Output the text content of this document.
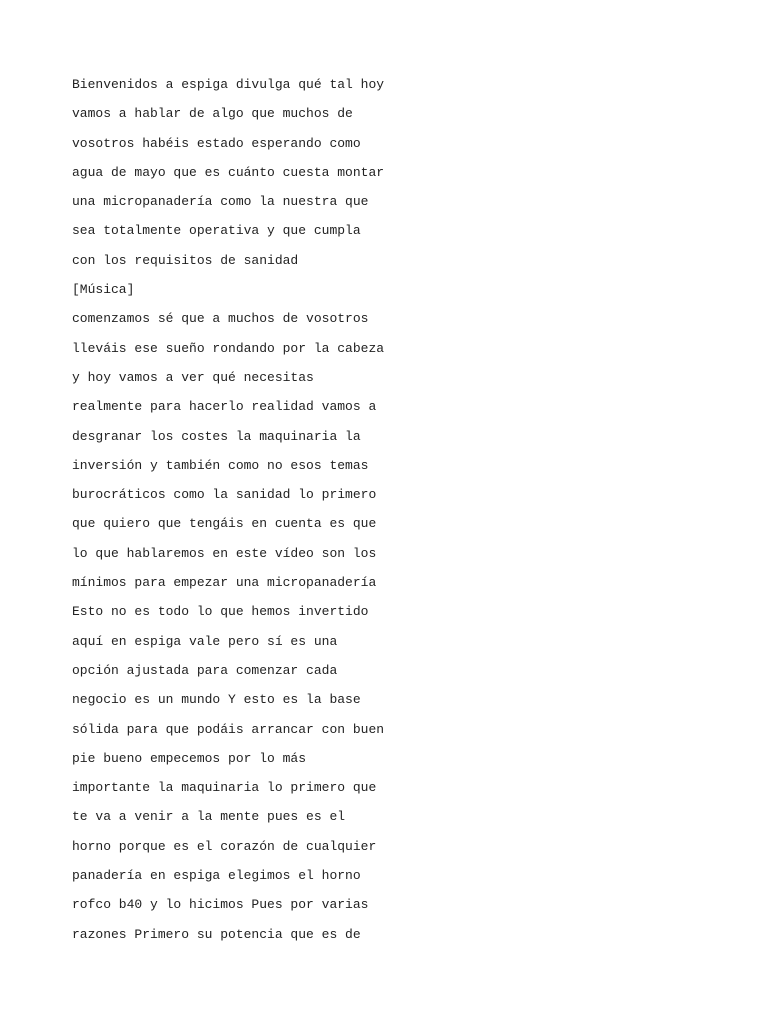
Bienvenidos a espiga divulga qué tal hoy

vamos a hablar de algo que muchos de

vosotros habéis estado esperando como

agua de mayo que es cuánto cuesta montar

una micropanadería como la nuestra que

sea totalmente operativa y que cumpla

con los requisitos de sanidad

[Música]

comenzamos sé que a muchos de vosotros

lleváis ese sueño rondando por la cabeza

y hoy vamos a ver qué necesitas

realmente para hacerlo realidad vamos a

desgranar los costes la maquinaria la

inversión y también como no esos temas

burocráticos como la sanidad lo primero

que quiero que tengáis en cuenta es que

lo que hablaremos en este vídeo son los

mínimos para empezar una micropanadería

Esto no es todo lo que hemos invertido

aquí en espiga vale pero sí es una

opción ajustada para comenzar cada

negocio es un mundo Y esto es la base

sólida para que podáis arrancar con buen

pie bueno empecemos por lo más

importante la maquinaria lo primero que

te va a venir a la mente pues es el

horno porque es el corazón de cualquier

panadería en espiga elegimos el horno

rofco b40 y lo hicimos Pues por varias

razones Primero su potencia que es de
